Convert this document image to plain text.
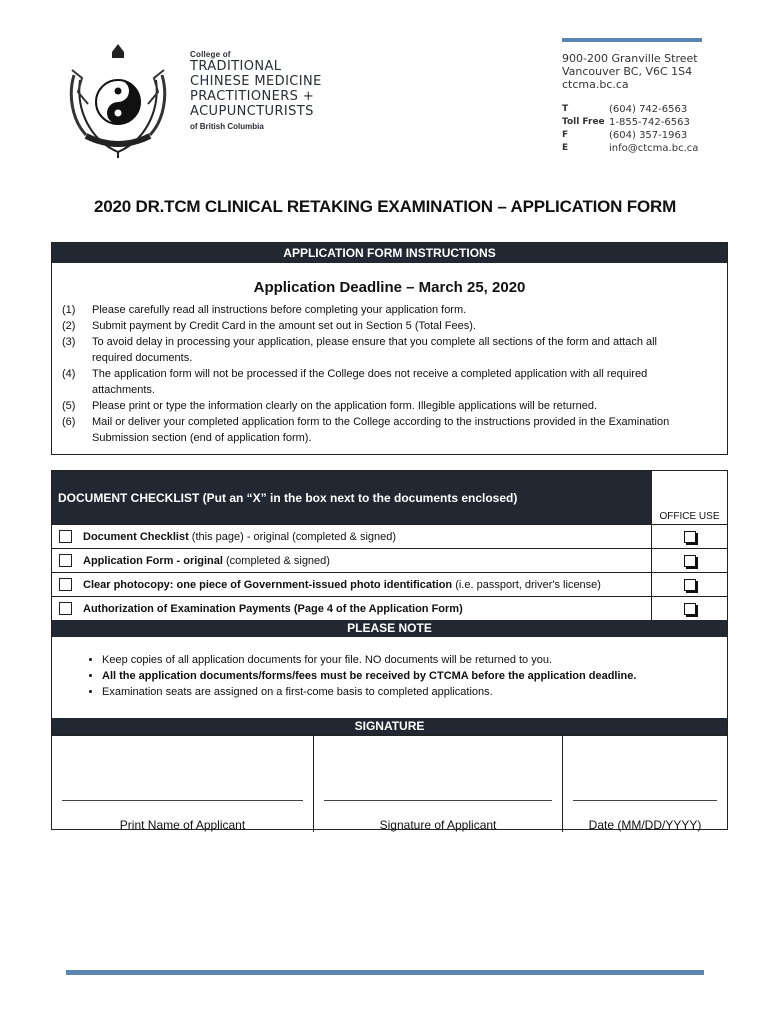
College of
TRADITIONAL
CHINESE MEDICINE
PRACTITIONERS +
ACUPUNCTURISTS
of British Columbia
900-200 Granville Street
Vancouver BC, V6C 1S4
ctcma.bc.ca
T	(604) 742-6563
Toll Free 1-855-742-6563
F	(604) 357-1963
E	info@ctcma.bc.ca
2020 DR.TCM CLINICAL RETAKING EXAMINATION – APPLICATION FORM
APPLICATION FORM INSTRUCTIONS
Application Deadline – March 25, 2020
(1)	Please carefully read all instructions before completing your application form.
(2)	Submit payment by Credit Card in the amount set out in Section 5 (Total Fees).
(3)	To avoid delay in processing your application, please ensure that you complete all sections of the form and attach all required documents.
(4)	The application form will not be processed if the College does not receive a completed application with all required attachments.
(5)	Please print or type the information clearly on the application form. Illegible applications will be returned.
(6)	Mail or deliver your completed application form to the College according to the instructions provided in the Examination Submission section (end of application form).
DOCUMENT CHECKLIST (Put an “X” in the box next to the documents enclosed)
OFFICE USE
Document Checklist (this page) - original (completed & signed)
Application Form - original (completed & signed)
Clear photocopy: one piece of Government-issued photo identification (i.e. passport, driver's license)
Authorization of Examination Payments (Page 4 of the Application Form)
PLEASE NOTE
• Keep copies of all application documents for your file. NO documents will be returned to you.
• All the application documents/forms/fees must be received by CTCMA before the application deadline.
• Examination seats are assigned on a first-come basis to completed applications.
SIGNATURE
Print Name of Applicant	Signature of Applicant	Date (MM/DD/YYYY)
